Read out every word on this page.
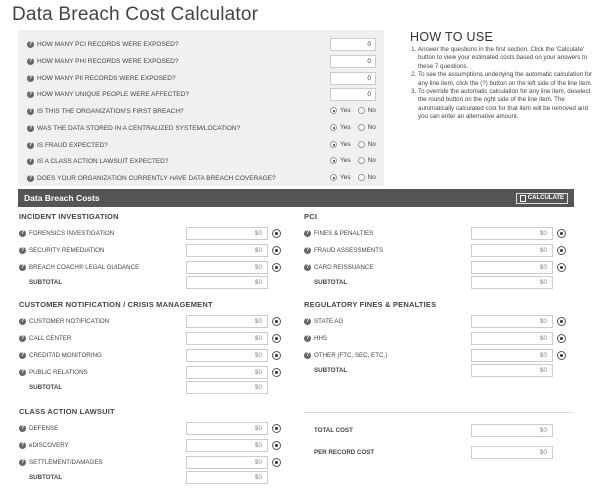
Data Breach Cost Calculator
? HOW MANY PCI RECORDS WERE EXPOSED?	0
? HOW MANY PHI RECORDS WERE EXPOSED?	0
? HOW MANY PII RECORDS WERE EXPOSED?	0
? HOW MANY UNIQUE PEOPLE WERE AFFECTED?	0
? IS THIS THE ORGANIZATION'S FIRST BREACH?	Yes	No
? WAS THE DATA STORED IN A CENTRALIZED SYSTEM/LOCATION?	Yes	No
? IS FRAUD EXPECTED?	Yes	No
? IS A CLASS ACTION LAWSUIT EXPECTED?	Yes	No
? DOES YOUR ORGANIZATION CURRENTLY HAVE DATA BREACH COVERAGE?	Yes	No
HOW TO USE
1. Answer the questions in the first section. Click the 'Calculate' button to view your estimated costs based on your answers to these 7 questions.
2. To see the assumptions underlying the automatic calculation for any line item, click the (?) button on the left side of the line item.
3. To override the automatic calculation for any line item, deselect the round button on the right side of the line item. The automatically calculated cost for that item will be removed and you can enter an alternative amount.
Data Breach Costs	CALCULATE
INCIDENT INVESTIGATION
? FORENSICS INVESTIGATION	$0
? SECURITY REMEDIATION	$0
? BREACH COACH® LEGAL GUIDANCE	$0
SUBTOTAL	$0
CUSTOMER NOTIFICATION / CRISIS MANAGEMENT
? CUSTOMER NOTIFICATION	$0
? CALL CENTER	$0
? CREDIT/ID MONITORING	$0
? PUBLIC RELATIONS	$0
SUBTOTAL	$0
CLASS ACTION LAWSUIT
? DEFENSE	$0
? eDISCOVERY	$0
? SETTLEMENT/DAMAGES	$0
SUBTOTAL	$0
PCI
? FINES & PENALTIES	$0
? FRAUD ASSESSMENTS	$0
? CARD REISSUANCE	$0
SUBTOTAL	$0
REGULATORY FINES & PENALTIES
? STATE AG	$0
? HHS	$0
? OTHER (FTC, SEC, ETC.)	$0
SUBTOTAL	$0
TOTAL COST	$0
PER RECORD COST	$0
